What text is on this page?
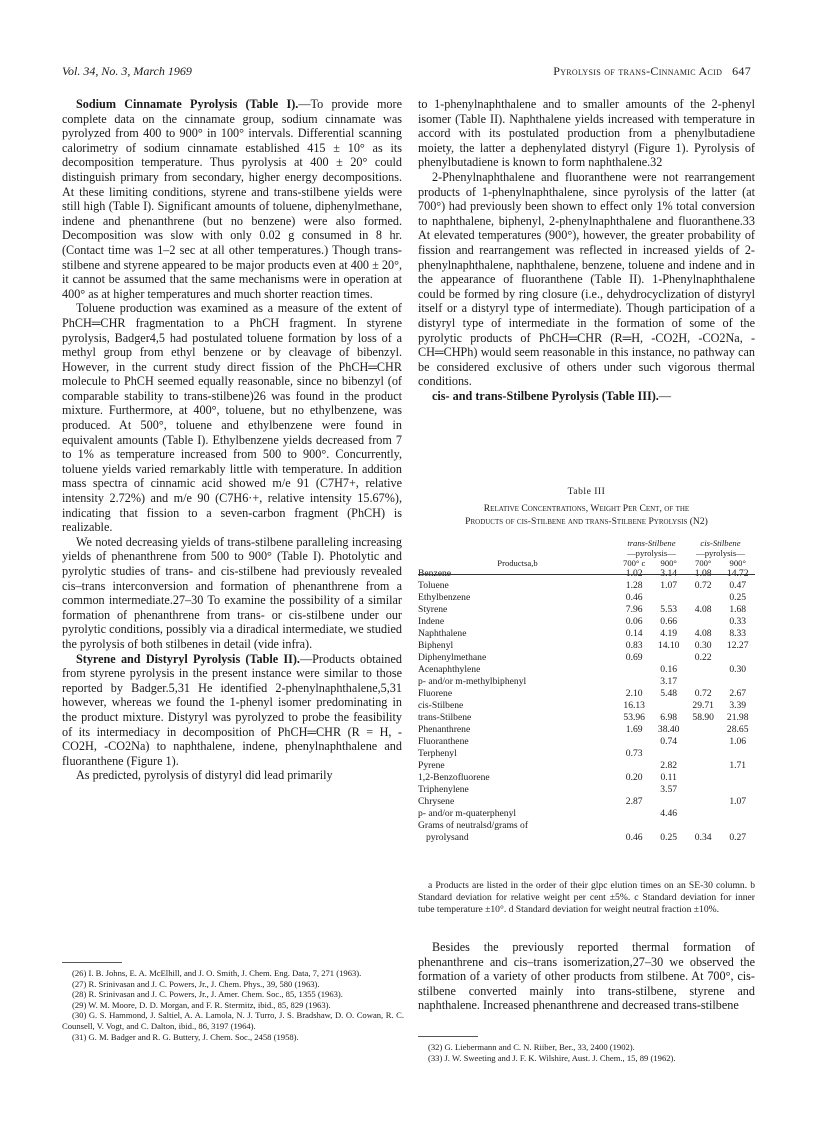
Vol. 34, No. 3, March 1969	Pyrolysis of trans-Cinnamic Acid 647

Sodium Cinnamate Pyrolysis (Table I).—To provide more complete data on the cinnamate group, sodium cinnamate was pyrolyzed from 400 to 900° in 100° intervals. Differential scanning calorimetry of sodium cinnamate established 415 ± 10° as its decomposition temperature. Thus pyrolysis at 400 ± 20° could distinguish primary from secondary, higher energy decompositions. At these limiting conditions, styrene and trans-stilbene yields were still high (Table I). Significant amounts of toluene, diphenylmethane, indene and phenanthrene (but no benzene) were also formed. Decomposition was slow with only 0.02 g consumed in 8 hr. (Contact time was 1–2 sec at all other temperatures.) Though trans-stilbene and styrene appeared to be major products even at 400 ± 20°, it cannot be assumed that the same mechanisms were in operation at 400° as at higher temperatures and much shorter reaction times.

Toluene production was examined as a measure of the extent of PhCH═CHR fragmentation to a PhCH fragment. In styrene pyrolysis, Badger4,5 had postulated toluene formation by loss of a methyl group from ethyl benzene or by cleavage of bibenzyl. However, in the current study direct fission of the PhCH═CHR molecule to PhCH seemed equally reasonable, since no bibenzyl (of comparable stability to trans-stilbene)26 was found in the product mixture. Furthermore, at 400°, toluene, but no ethylbenzene, was produced. At 500°, toluene and ethylbenzene were found in equivalent amounts (Table I). Ethylbenzene yields decreased from 7 to 1% as temperature increased from 500 to 900°. Concurrently, toluene yields varied remarkably little with temperature. In addition mass spectra of cinnamic acid showed m/e 91 (C7H7+, relative intensity 2.72%) and m/e 90 (C7H6·+, relative intensity 15.67%), indicating that fission to a seven-carbon fragment (PhCH) is realizable.

We noted decreasing yields of trans-stilbene paralleling increasing yields of phenanthrene from 500 to 900° (Table I). Photolytic and pyrolytic studies of trans- and cis-stilbene had previously revealed cis–trans interconversion and formation of phenanthrene from a common intermediate.27–30 To examine the possibility of a similar formation of phenanthrene from trans- or cis-stilbene under our pyrolytic conditions, possibly via a diradical intermediate, we studied the pyrolysis of both stilbenes in detail (vide infra).

Styrene and Distyryl Pyrolysis (Table II).—Products obtained from styrene pyrolysis in the present instance were similar to those reported by Badger.5,31 He identified 2-phenylnaphthalene,5,31 however, whereas we found the 1-phenyl isomer predominating in the product mixture. Distyryl was pyrolyzed to probe the feasibility of its intermediacy in decomposition of PhCH═CHR (R = H, -CO2H, -CO2Na) to naphthalene, indene, phenylnaphthalene and fluoranthene (Figure 1).

As predicted, pyrolysis of distyryl did lead primarily

(26) I. B. Johns, E. A. McElhill, and J. O. Smith, J. Chem. Eng. Data, 7, 271 (1963).
(27) R. Srinivasan and J. C. Powers, Jr., J. Chem. Phys., 39, 580 (1963).
(28) R. Srinivasan and J. C. Powers, Jr., J. Amer. Chem. Soc., 85, 1355 (1963).
(29) W. M. Moore, D. D. Morgan, and F. R. Stermitz, ibid., 85, 829 (1963).
(30) G. S. Hammond, J. Saltiel, A. A. Lamola, N. J. Turro, J. S. Bradshaw, D. O. Cowan, R. C. Counsell, V. Vogt, and C. Dalton, ibid., 86, 3197 (1964).
(31) G. M. Badger and R. G. Buttery, J. Chem. Soc., 2458 (1958).

to 1-phenylnaphthalene and to smaller amounts of the 2-phenyl isomer (Table II). Naphthalene yields increased with temperature in accord with its postulated production from a phenylbutadiene moiety, the latter a dephenylated distyryl (Figure 1). Pyrolysis of phenylbutadiene is known to form naphthalene.32

2-Phenylnaphthalene and fluoranthene were not rearrangement products of 1-phenylnaphthalene, since pyrolysis of the latter (at 700°) had previously been shown to effect only 1% total conversion to naphthalene, biphenyl, 2-phenylnaphthalene and fluoranthene.33 At elevated temperatures (900°), however, the greater probability of fission and rearrangement was reflected in increased yields of 2-phenylnaphthalene, naphthalene, benzene, toluene and indene and in the appearance of fluoranthene (Table II). 1-Phenylnaphthalene could be formed by ring closure (i.e., dehydrocyclization of distyryl itself or a distyryl type of intermediate). Though participation of a distyryl type of intermediate in the formation of some of the pyrolytic products of PhCH═CHR (R═H, -CO2H, -CO2Na, -CH═CHPh) would seem reasonable in this instance, no pathway can be considered exclusive of others under such vigorous thermal conditions.

cis- and trans-Stilbene Pyrolysis (Table III).—

Table III
Relative Concentrations, Weight Per Cent, of the
Products of cis-Stilbene and trans-Stilbene Pyrolysis (N2)
	trans-Stilbene		cis-Stilbene	
	—pyrolysis—		—pyrolysis—	
Productsa,b	700° c	900°	700°	900°
Benzene	1.02	3.14	1.08	14.72
Toluene	1.28	1.07	0.72	0.47
Ethylbenzene	0.46			0.25
Styrene	7.96	5.53	4.08	1.68
Indene	0.06	0.66		0.33
Naphthalene	0.14	4.19	4.08	8.33
Biphenyl	0.83	14.10	0.30	12.27
Diphenylmethane	0.69		0.22	
Acenaphthylene		0.16		0.30
p- and/or m-methylbiphenyl		3.17		
Fluorene	2.10	5.48	0.72	2.67
cis-Stilbene	16.13		29.71	3.39
trans-Stilbene	53.96	6.98	58.90	21.98
Phenanthrene	1.69	38.40		28.65
Fluoranthene		0.74		1.06
Terphenyl	0.73			
Pyrene		2.82		1.71
1,2-Benzofluorene	0.20	0.11		
Triphenylene		3.57		
Chrysene	2.87			1.07
p- and/or m-quaterphenyl		4.46		
Grams of neutralsd/grams of				
pyrolysand	0.46	0.25	0.34	0.27

a Products are listed in the order of their glpc elution times on an SE-30 column. b Standard deviation for relative weight per cent ±5%. c Standard deviation for inner tube temperature ±10°. d Standard deviation for weight neutral fraction ±10%.

Besides the previously reported thermal formation of phenanthrene and cis–trans isomerization,27–30 we observed the formation of a variety of other products from stilbene. At 700°, cis-stilbene converted mainly into trans-stilbene, styrene and naphthalene. Increased phenanthrene and decreased trans-stilbene

(32) G. Liebermann and C. N. Riiber, Ber., 33, 2400 (1902).
(33) J. W. Sweeting and J. F. K. Wilshire, Aust. J. Chem., 15, 89 (1962).
